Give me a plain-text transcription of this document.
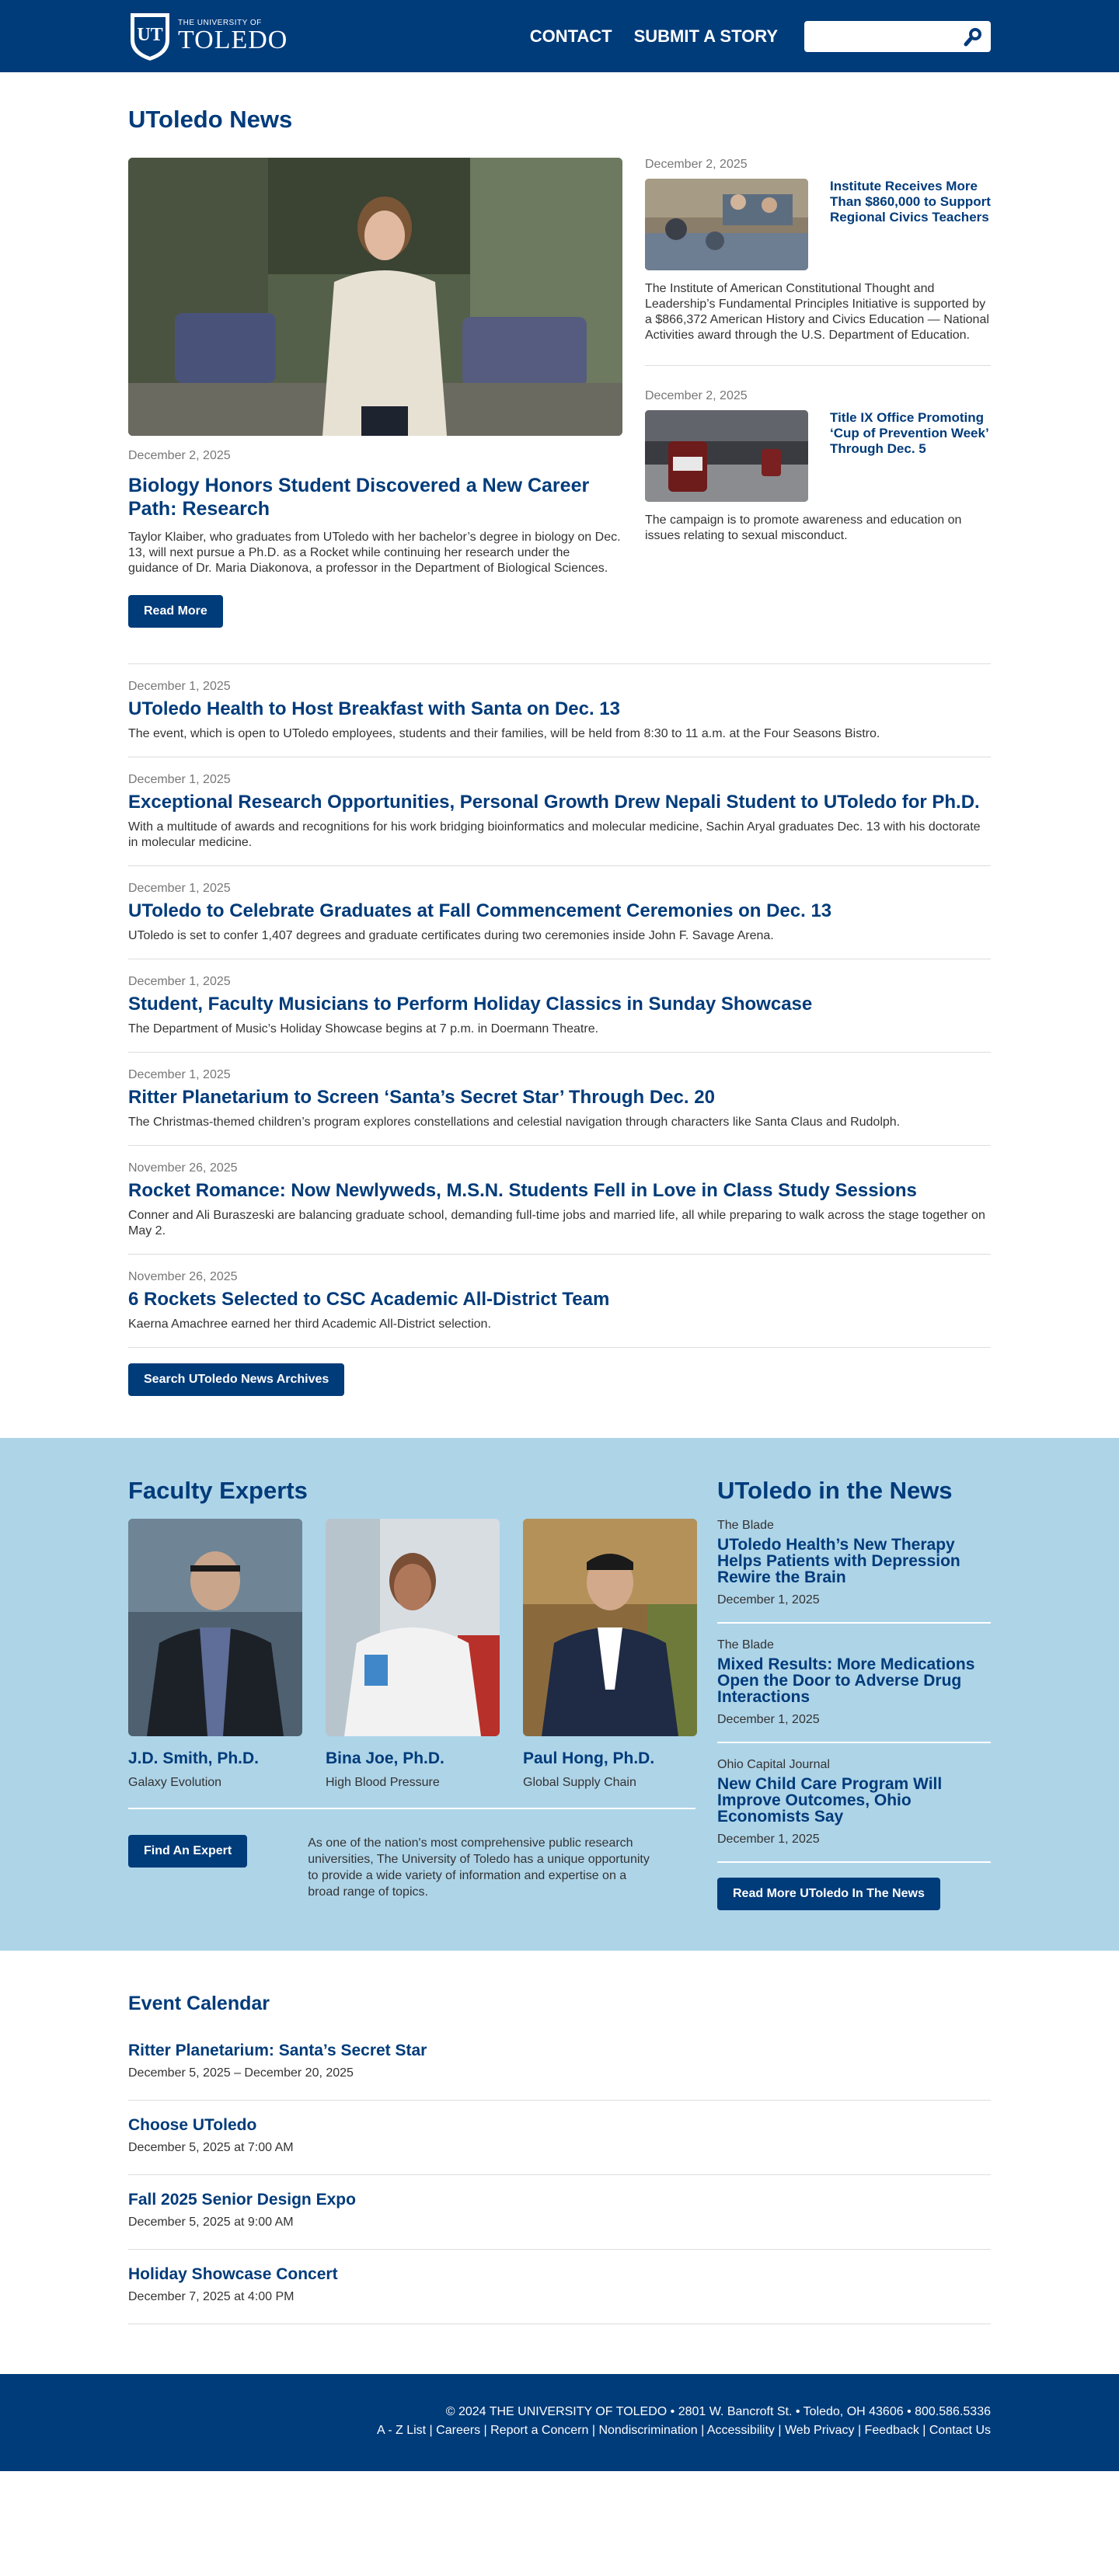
UT
THE UNIVERSITY OF
TOLEDO	CONTACT SUBMIT A STORY
UToledo News
December 2, 2025
Biology Honors Student Discovered a New Career Path: Research

Taylor Klaiber, who graduates from UToledo with her bachelor’s degree in biology on Dec. 13, will next pursue a Ph.D. as a Rocket while continuing her research under the guidance of Dr. Maria Diakonova, a professor in the Department of Biological Sciences.

Read More
December 2, 2025
Institute Receives More Than $860,000 to Support Regional Civics Teachers

The Institute of American Constitutional Thought and Leadership’s Fundamental Principles Initiative is supported by a $866,372 American History and Civics Education — National Activities award through the U.S. Department of Education.

December 2, 2025
Title IX Office Promoting ‘Cup of Prevention Week’ Through Dec. 5

The campaign is to promote awareness and education on issues relating to sexual misconduct.

December 1, 2025
UToledo Health to Host Breakfast with Santa on Dec. 13

The event, which is open to UToledo employees, students and their families, will be held from 8:30 to 11 a.m. at the Four Seasons Bistro.

December 1, 2025
Exceptional Research Opportunities, Personal Growth Drew Nepali Student to UToledo for Ph.D.

With a multitude of awards and recognitions for his work bridging bioinformatics and molecular medicine, Sachin Aryal graduates Dec. 13 with his doctorate in molecular medicine.

December 1, 2025
UToledo to Celebrate Graduates at Fall Commencement Ceremonies on Dec. 13

UToledo is set to confer 1,407 degrees and graduate certificates during two ceremonies inside John F. Savage Arena.

December 1, 2025
Student, Faculty Musicians to Perform Holiday Classics in Sunday Showcase

The Department of Music’s Holiday Showcase begins at 7 p.m. in Doermann Theatre.

December 1, 2025
Ritter Planetarium to Screen ‘Santa’s Secret Star’ Through Dec. 20

The Christmas-themed children’s program explores constellations and celestial navigation through characters like Santa Claus and Rudolph.

November 26, 2025
Rocket Romance: Now Newlyweds, M.S.N. Students Fell in Love in Class Study Sessions

Conner and Ali Buraszeski are balancing graduate school, demanding full-time jobs and married life, all while preparing to walk across the stage together on May 2.

November 26, 2025
6 Rockets Selected to CSC Academic All-District Team

Kaerna Amachree earned her third Academic All-District selection.

Search UToledo News Archives
Faculty Experts
J.D. Smith, Ph.D.
Galaxy Evolution
Bina Joe, Ph.D.
High Blood Pressure
Paul Hong, Ph.D.
Global Supply Chain
Find An Expert

As one of the nation's most comprehensive public research universities, The University of Toledo has a unique opportunity to provide a wide variety of information and expertise on a broad range of topics.

UToledo in the News
The Blade
UToledo Health’s New Therapy Helps Patients with Depression Rewire the Brain
December 1, 2025
The Blade
Mixed Results: More Medications Open the Door to Adverse Drug Interactions
December 1, 2025
Ohio Capital Journal
New Child Care Program Will Improve Outcomes, Ohio Economists Say
December 1, 2025
Read More UToledo In The News
Event Calendar
Ritter Planetarium: Santa’s Secret Star
December 5, 2025 – December 20, 2025
Choose UToledo
December 5, 2025 at 7:00 AM
Fall 2025 Senior Design Expo
December 5, 2025 at 9:00 AM
Holiday Showcase Concert
December 7, 2025 at 4:00 PM
© 2024 THE UNIVERSITY OF TOLEDO • 2801 W. Bancroft St. • Toledo, OH 43606 • 800.586.5336
A - Z List | Careers | Report a Concern | Nondiscrimination | Accessibility | Web Privacy | Feedback | Contact Us
